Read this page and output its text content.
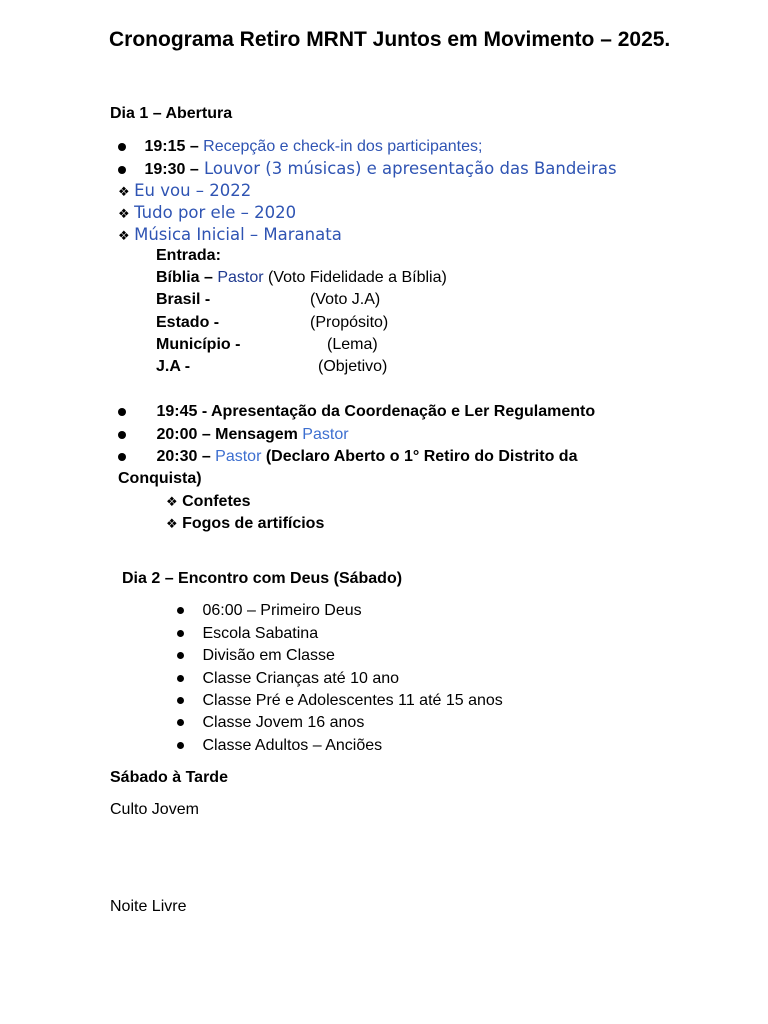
Cronograma Retiro MRNT Juntos em Movimento – 2025.
Dia 1 – Abertura
19:15 – Recepção e check-in dos participantes;
19:30 – Louvor (3 músicas) e apresentação das Bandeiras
❖ Eu vou – 2022
❖ Tudo por ele – 2020
❖ Música Inicial – Maranata
Entrada:
Bíblia – Pastor (Voto Fidelidade a Bíblia)
Brasil -	(Voto J.A)
Estado -	(Propósito)
Município -	(Lema)
J.A -	(Objetivo)
19:45 - Apresentação da Coordenação e Ler Regulamento
20:00 – Mensagem Pastor
20:30 – Pastor (Declaro Aberto o 1° Retiro do Distrito da
Conquista)
❖ Confetes
❖ Fogos de artifícios
Dia 2 – Encontro com Deus (Sábado)
06:00 – Primeiro Deus
Escola Sabatina
Divisão em Classe
Classe Crianças até 10 ano
Classe Pré e Adolescentes 11 até 15 anos
Classe Jovem 16 anos
Classe Adultos – Anciões
Sábado à Tarde
Culto Jovem
Noite Livre
